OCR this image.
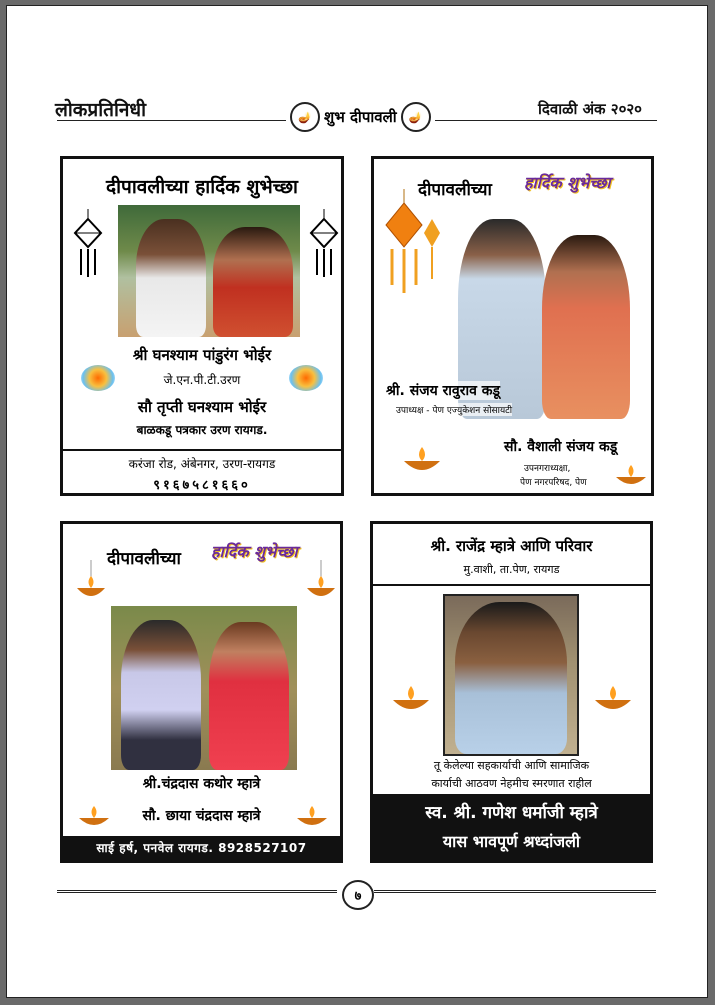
लोकप्रतिनिधी	🪔 शुभ दीपावली	🪔	दिवाळी अंक २०२०
दीपावलीच्या हार्दिक शुभेच्छा
श्री घनश्याम पांडुरंग भोईर
जे.एन.पी.टी.उरण
सौ तृप्ती घनश्याम भोईर
बाळकडू पत्रकार उरण रायगड.
करंजा रोड, अंबेनगर, उरण-रायगड
९१६७५८१६६०
दीपावलीच्या हार्दिक शुभेच्छा
श्री. संजय रावुराव कडू
उपाध्यक्ष - पेण एज्युकेशन सोसायटी
सौ. वैशाली संजय कडू
उपनगराध्यक्षा,
पेण नगरपरिषद, पेण
दीपावलीच्या हार्दिक शुभेच्छा
श्री.चंद्रदास कथोर म्हात्रे
सौ. छाया चंद्रदास म्हात्रे
साई हर्ष, पनवेल रायगड. 8928527107
श्री. राजेंद्र म्हात्रे आणि परिवार
मु.वाशी, ता.पेण, रायगड
तू केलेल्या सहकार्याची आणि सामाजिक
कार्याची आठवण नेहमीच स्मरणात राहील
स्व. श्री. गणेश धर्माजी म्हात्रे
यास भावपूर्ण श्रध्दांजली
७
